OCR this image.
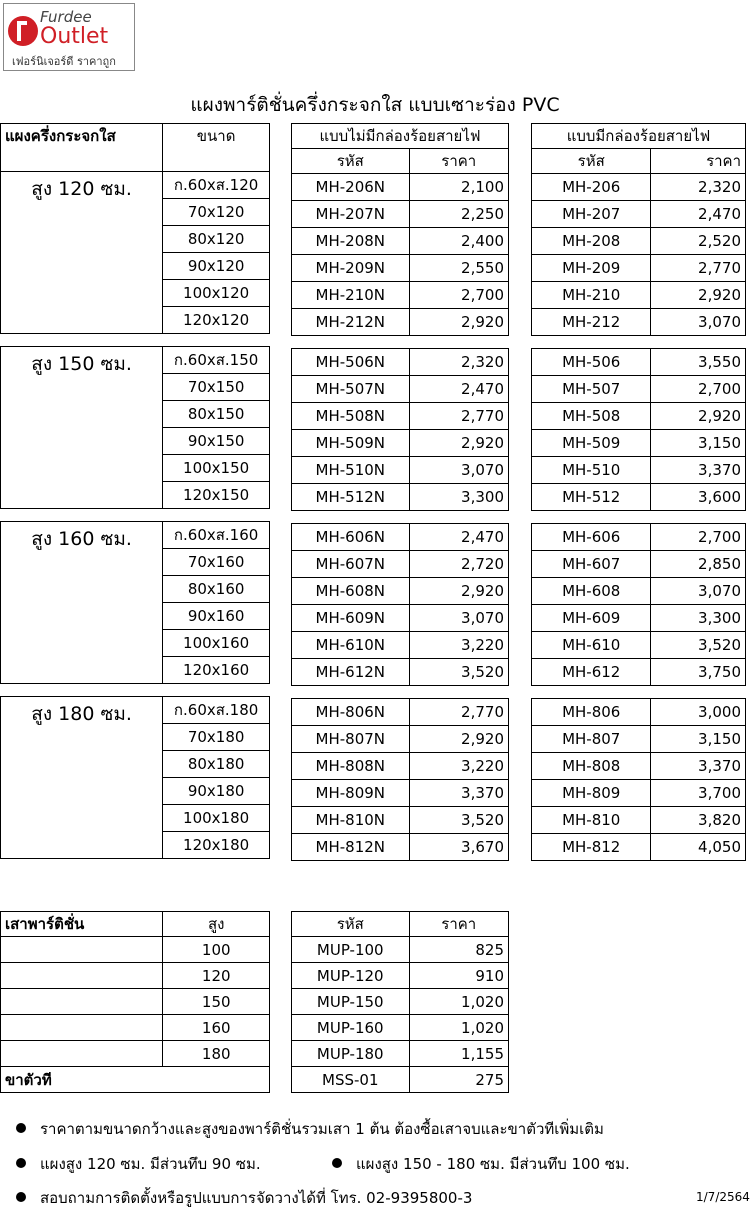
Furdee
Outlet
เฟอร์นิเจอร์ดี ราคาถูก
แผงพาร์ติชั่นครึ่งกระจกใส แบบเซาะร่อง PVC
แผงครึ่งกระจกใส	ขนาด

สูง 120 ซม.	ก.60xส.120
	70x120
	80x120
	90x120
	100x120
	120x120

สูง 150 ซม.	ก.60xส.150
	70x150
	80x150
	90x150
	100x150
	120x150

สูง 160 ซม.	ก.60xส.160
	70x160
	80x160
	90x160
	100x160
	120x160

สูง 180 ซม.	ก.60xส.180
	70x180
	80x180
	90x180
	100x180
	120x180
แบบไม่มีกล่องร้อยสายไฟ	
รหัส	ราคา
MH-206N	2,100
MH-207N	2,250
MH-208N	2,400
MH-209N	2,550
MH-210N	2,700
MH-212N	2,920

MH-506N	2,320
MH-507N	2,470
MH-508N	2,770
MH-509N	2,920
MH-510N	3,070
MH-512N	3,300

MH-606N	2,470
MH-607N	2,720
MH-608N	2,920
MH-609N	3,070
MH-610N	3,220
MH-612N	3,520

MH-806N	2,770
MH-807N	2,920
MH-808N	3,220
MH-809N	3,370
MH-810N	3,520
MH-812N	3,670
แบบมีกล่องร้อยสายไฟ	
รหัส	ราคา
MH-206	2,320
MH-207	2,470
MH-208	2,520
MH-209	2,770
MH-210	2,920
MH-212	3,070

MH-506	3,550
MH-507	2,700
MH-508	2,920
MH-509	3,150
MH-510	3,370
MH-512	3,600

MH-606	2,700
MH-607	2,850
MH-608	3,070
MH-609	3,300
MH-610	3,520
MH-612	3,750

MH-806	3,000
MH-807	3,150
MH-808	3,370
MH-809	3,700
MH-810	3,820
MH-812	4,050
เสาพาร์ติชั่น	สูง
	100
	120
	150
	160
	180
ขาตัวที	
รหัส	ราคา
MUP-100	825
MUP-120	910
MUP-150	1,020
MUP-160	1,020
MUP-180	1,155
MSS-01	275
ราคาตามขนาดกว้างและสูงของพาร์ติชั่นรวมเสา 1 ต้น ต้องซื้อเสาจบและขาตัวทีเพิ่มเติม
แผงสูง 120 ซม. มีส่วนทึบ 90 ซม.	แผงสูง 150 - 180 ซม. มีส่วนทึบ 100 ซม.
สอบถามการติดตั้งหรือรูปแบบการจัดวางได้ที่ โทร. 02-9395800-3	1/7/2564
